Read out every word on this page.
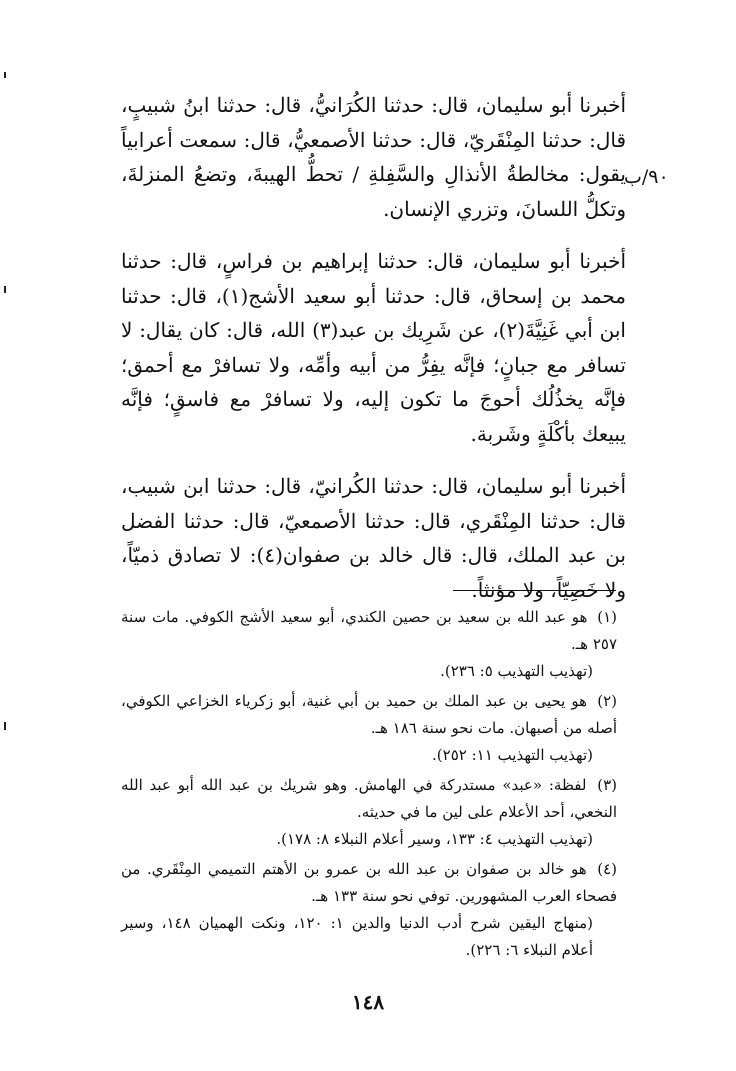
٩٠/ب

أخبرنا أبو سليمان، قال: حدثنا الكُرَانيُّ، قال: حدثنا ابنُ شبيبٍ، قال: حدثنا المِنْقَريّ، قال: حدثنا الأصمعيُّ، قال: سمعت أعرابياً يقول: مخالطةُ الأنذالِ والسَّفِلةِ / تحطُّ الهيبةَ، وتضعُ المنزلةَ، وتكلُّ اللسانَ، وتزري الإنسان.

أخبرنا أبو سليمان، قال: حدثنا إبراهيم بن فراسٍ، قال: حدثنا محمد بن إسحاق، قال: حدثنا أبو سعيد الأشج(١)، قال: حدثنا ابن أبي غَنِيَّةَ(٢)، عن شَرِيك بن عبد(٣) الله، قال: كان يقال: لا تسافر مع جبانٍ؛ فإنَّه يفِرُّ من أبيه وأمِّه، ولا تسافرْ مع أحمق؛ فإنَّه يخذُلُك أحوجَ ما تكون إليه، ولا تسافرْ مع فاسقٍ؛ فإنَّه يبيعك بأكْلَةٍ وشَربة.

أخبرنا أبو سليمان، قال: حدثنا الكُرانيّ، قال: حدثنا ابن شبيب، قال: حدثنا المِنْقَري، قال: حدثنا الأصمعيّ، قال: حدثنا الفضل بن عبد الملك، قال: قال خالد بن صفوان(٤): لا تصادق ذميّاً، ولا خَصِيّاً، ولا مؤنثاً.

(١) هو عبد الله بن سعيد بن حصين الكندي، أبو سعيد الأشج الكوفي. مات سنة ٢٥٧ هـ.
(تهذيب التهذيب ٥: ٢٣٦).
(٢) هو يحيى بن عبد الملك بن حميد بن أبي غنية، أبو زكرياء الخزاعي الكوفي، أصله من أصبهان. مات نحو سنة ١٨٦ هـ.
(تهذيب التهذيب ١١: ٢٥٢).
(٣) لفظة: «عبد» مستدركة في الهامش. وهو شريك بن عبد الله أبو عبد الله النخعي، أحد الأعلام على لين ما في حديثه.
(تهذيب التهذيب ٤: ١٣٣، وسير أعلام النبلاء ٨: ١٧٨).
(٤) هو خالد بن صفوان بن عبد الله بن عمرو بن الأهتم التميمي المِنْقَري. من فصحاء العرب المشهورين. توفي نحو سنة ١٣٣ هـ.
(منهاج اليقين شرح أدب الدنيا والدين ١: ١٢٠، ونكت الهميان ١٤٨، وسير أعلام النبلاء ٦: ٢٢٦).
١٤٨
